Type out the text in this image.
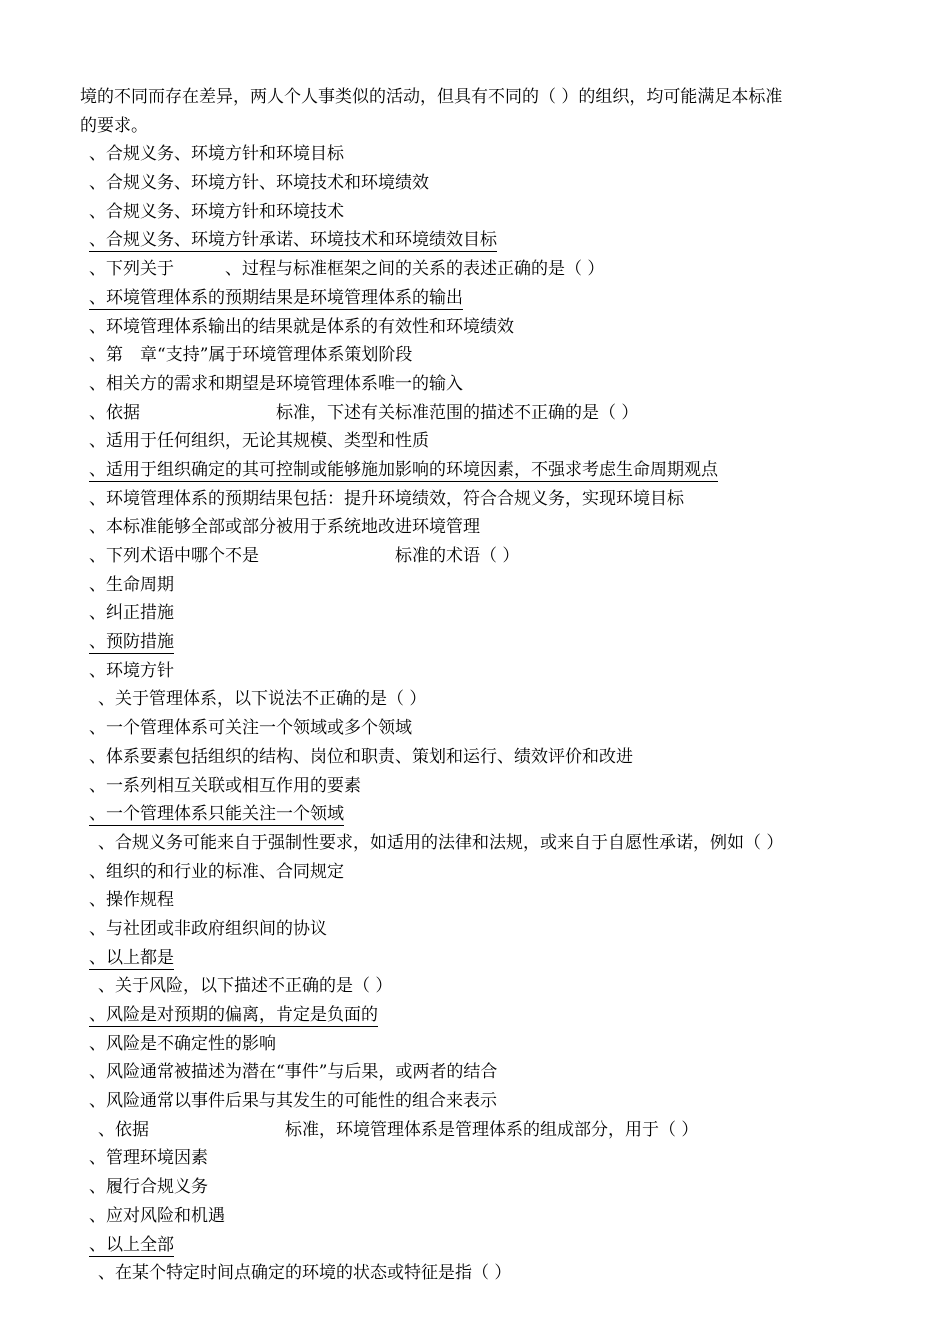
境的不同而存在差异，两人个人事类似的活动，但具有不同的（ ）的组织，均可能满足本标准
的要求。
、合规义务、环境方针和环境目标
、合规义务、环境方针、环境技术和环境绩效
、合规义务、环境方针和环境技术
、合规义务、环境方针承诺、环境技术和环境绩效目标
、下列关于　　　、过程与标准框架之间的关系的表述正确的是（ ）
、环境管理体系的预期结果是环境管理体系的输出
、环境管理体系输出的结果就是体系的有效性和环境绩效
、第　章“支持”属于环境管理体系策划阶段
、相关方的需求和期望是环境管理体系唯一的输入
、依据　　　　　　　　标准，下述有关标准范围的描述不正确的是（ ）
、适用于任何组织，无论其规模、类型和性质
、适用于组织确定的其可控制或能够施加影响的环境因素，不强求考虑生命周期观点
、环境管理体系的预期结果包括：提升环境绩效，符合合规义务，实现环境目标
、本标准能够全部或部分被用于系统地改进环境管理
、下列术语中哪个不是　　　　　　　　标准的术语（ ）
、生命周期
、纠正措施
、预防措施
、环境方针
、关于管理体系，以下说法不正确的是（ ）
、一个管理体系可关注一个领域或多个领域
、体系要素包括组织的结构、岗位和职责、策划和运行、绩效评价和改进
、一系列相互关联或相互作用的要素
、一个管理体系只能关注一个领域
、合规义务可能来自于强制性要求，如适用的法律和法规，或来自于自愿性承诺，例如（ ）
、组织的和行业的标准、合同规定
、操作规程
、与社团或非政府组织间的协议
、以上都是
、关于风险，以下描述不正确的是（ ）
、风险是对预期的偏离，肯定是负面的
、风险是不确定性的影响
、风险通常被描述为潜在“事件”与后果，或两者的结合
、风险通常以事件后果与其发生的可能性的组合来表示
、依据　　　　　　　　标准，环境管理体系是管理体系的组成部分，用于（ ）
、管理环境因素
、履行合规义务
、应对风险和机遇
、以上全部
、在某个特定时间点确定的环境的状态或特征是指（ ）
